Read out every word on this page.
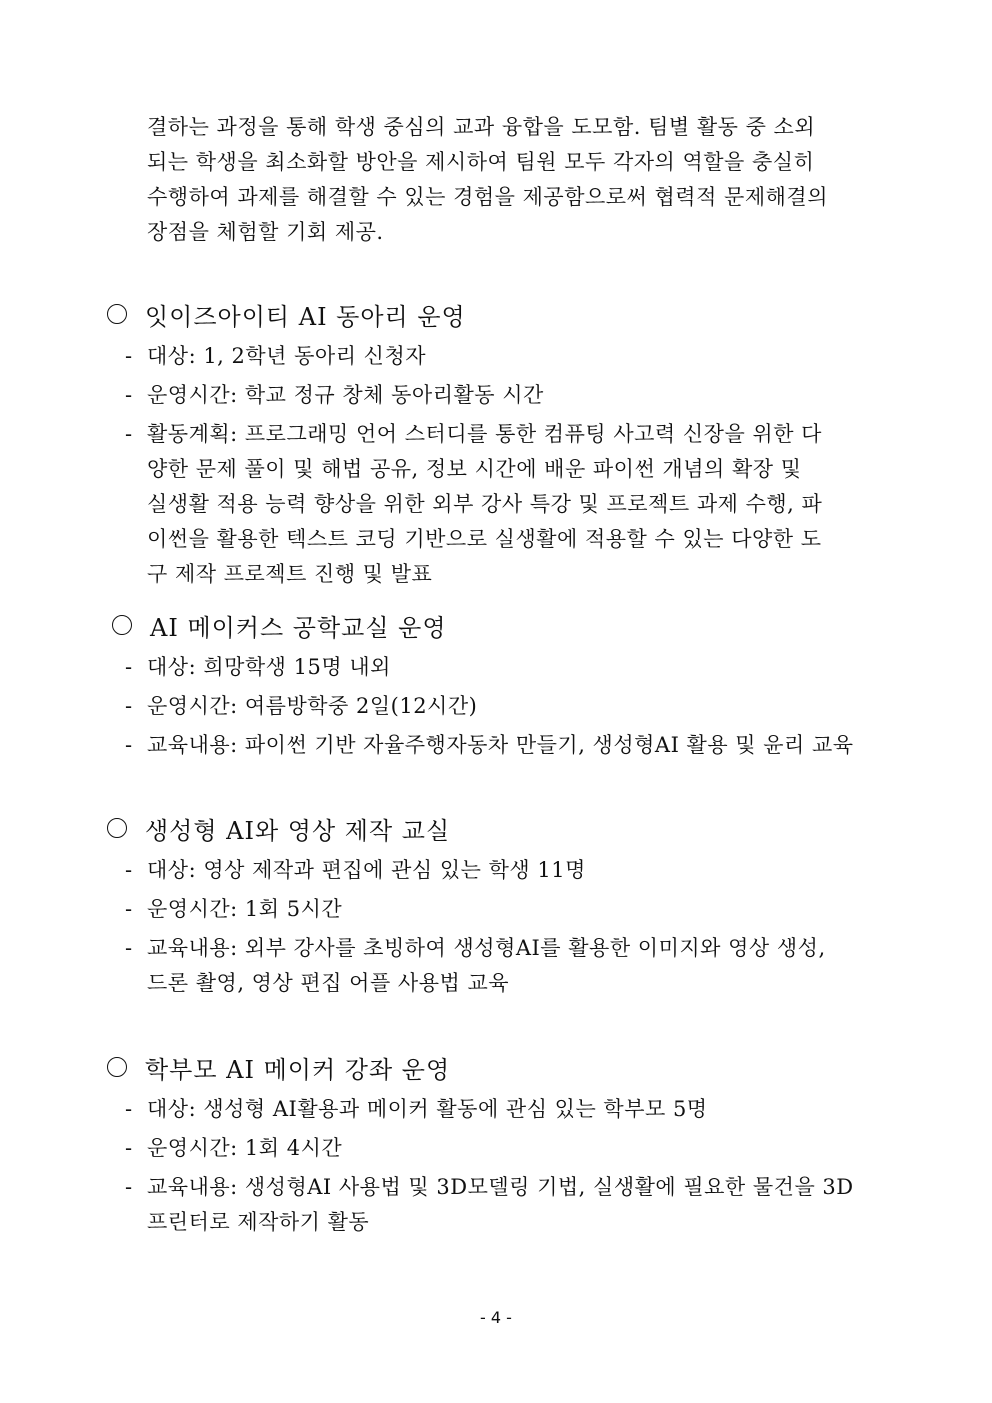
결하는 과정을 통해 학생 중심의 교과 융합을 도모함. 팀별 활동 중 소외
되는 학생을 최소화할 방안을 제시하여 팀원 모두 각자의 역할을 충실히
수행하여 과제를 해결할 수 있는 경험을 제공함으로써 협력적 문제해결의
장점을 체험할 기회 제공.
잇이즈아이티 AI 동아리 운영
- 대상: 1, 2학년 동아리 신청자
- 운영시간: 학교 정규 창체 동아리활동 시간
- 활동계획: 프로그래밍 언어 스터디를 통한 컴퓨팅 사고력 신장을 위한 다
양한 문제 풀이 및 해법 공유, 정보 시간에 배운 파이썬 개념의 확장 및
실생활 적용 능력 향상을 위한 외부 강사 특강 및 프로젝트 과제 수행, 파
이썬을 활용한 텍스트 코딩 기반으로 실생활에 적용할 수 있는 다양한 도
구 제작 프로젝트 진행 및 발표
AI 메이커스 공학교실 운영
- 대상: 희망학생 15명 내외
- 운영시간: 여름방학중 2일(12시간)
- 교육내용: 파이썬 기반 자율주행자동차 만들기, 생성형AI 활용 및 윤리 교육
생성형 AI와 영상 제작 교실
- 대상: 영상 제작과 편집에 관심 있는 학생 11명
- 운영시간: 1회 5시간
- 교육내용: 외부 강사를 초빙하여 생성형AI를 활용한 이미지와 영상 생성,
드론 촬영, 영상 편집 어플 사용법 교육
학부모 AI 메이커 강좌 운영
- 대상: 생성형 AI활용과 메이커 활동에 관심 있는 학부모 5명
- 운영시간: 1회 4시간
- 교육내용: 생성형AI 사용법 및 3D모델링 기법, 실생활에 필요한 물건을 3D
프린터로 제작하기 활동
- 4 -
